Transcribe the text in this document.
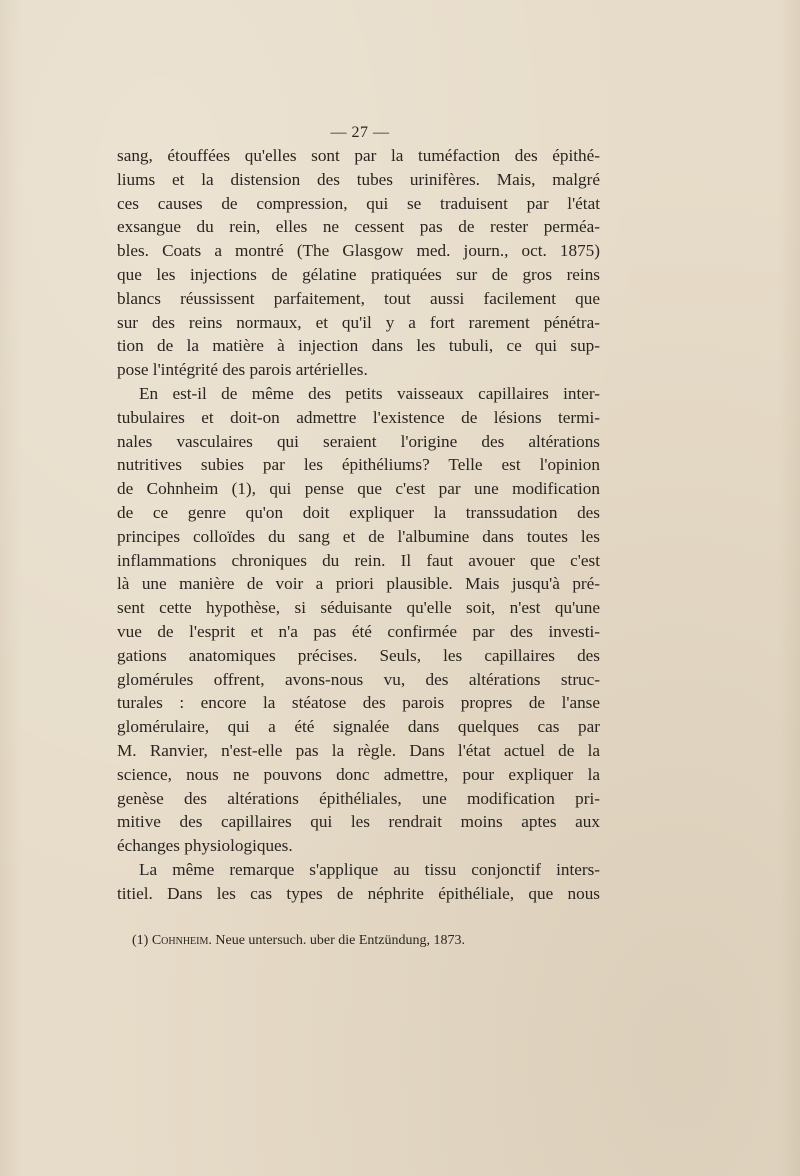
— 27 —
sang, étouffées qu'elles sont par la tuméfaction des épithé-
liums et la distension des tubes urinifères. Mais, malgré
ces causes de compression, qui se traduisent par l'état
exsangue du rein, elles ne cessent pas de rester perméa-
bles. Coats a montré (The Glasgow med. journ., oct. 1875)
que les injections de gélatine pratiquées sur de gros reins
blancs réussissent parfaitement, tout aussi facilement que
sur des reins normaux, et qu'il y a fort rarement pénétra-
tion de la matière à injection dans les tubuli, ce qui sup-
pose l'intégrité des parois artérielles.
En est-il de même des petits vaisseaux capillaires inter-
tubulaires et doit-on admettre l'existence de lésions termi-
nales vasculaires qui seraient l'origine des altérations
nutritives subies par les épithéliums? Telle est l'opinion
de Cohnheim (1), qui pense que c'est par une modification
de ce genre qu'on doit expliquer la transsudation des
principes colloïdes du sang et de l'albumine dans toutes les
inflammations chroniques du rein. Il faut avouer que c'est
là une manière de voir a priori plausible. Mais jusqu'à pré-
sent cette hypothèse, si séduisante qu'elle soit, n'est qu'une
vue de l'esprit et n'a pas été confirmée par des investi-
gations anatomiques précises. Seuls, les capillaires des
glomérules offrent, avons-nous vu, des altérations struc-
turales : encore la stéatose des parois propres de l'anse
glomérulaire, qui a été signalée dans quelques cas par
M. Ranvier, n'est-elle pas la règle. Dans l'état actuel de la
science, nous ne pouvons donc admettre, pour expliquer la
genèse des altérations épithéliales, une modification pri-
mitive des capillaires qui les rendrait moins aptes aux
échanges physiologiques.
La même remarque s'applique au tissu conjonctif inters-
titiel. Dans les cas types de néphrite épithéliale, que nous
(1) Cohnheim. Neue untersuch. uber die Entzündung, 1873.
